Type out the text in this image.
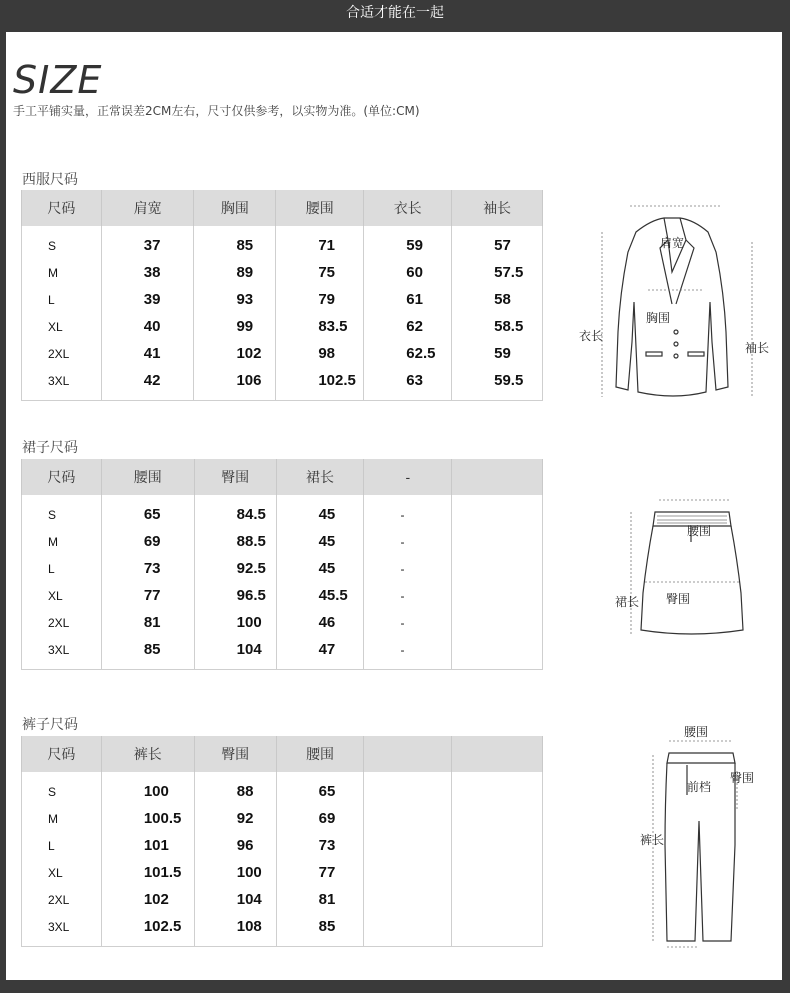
合适才能在一起
SIZE
手工平铺实量，正常误差2CM左右，尺寸仅供参考，以实物为准。(单位:CM)
西服尺码
尺码	肩宽	胸围	腰围	衣长	袖长

S	37	85	71	59	57
M	38	89	75	60	57.5
L	39	93	79	61	58
XL	40	99	83.5	62	58.5
2XL	41	102	98	62.5	59
3XL	42	106	102.5	63	59.5

裙子尺码
尺码	腰围	臀围	裙长	-	

S	65	84.5	45	-	
M	69	88.5	45	-	
L	73	92.5	45	-	
XL	77	96.5	45.5	-	
2XL	81	100	46	-	
3XL	85	104	47	-	

裤子尺码
尺码	裤长	臀围	腰围		

S	100	88	65		
M	100.5	92	69		
L	101	96	73		
XL	101.5	100	77		
2XL	102	104	81		
3XL	102.5	108	85		

肩宽
胸围
衣长
袖长
腰围
臀围
裙长
腰围
臀围
前档
裤长
